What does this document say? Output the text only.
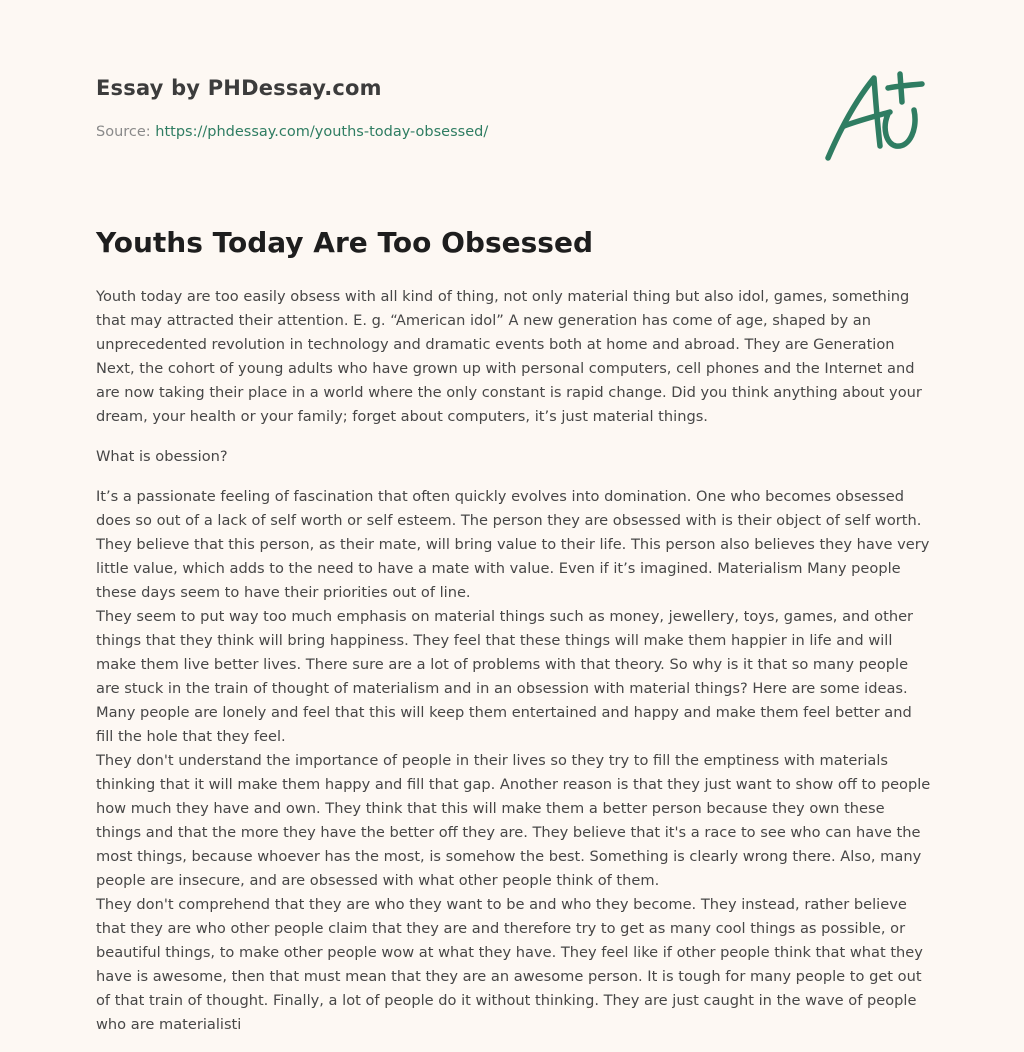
Essay by PHDessay.com
Source: https://phdessay.com/youths-today-obsessed/
Youths Today Are Too Obsessed

Youth today are too easily obsess with all kind of thing, not only material thing but also idol, games, something that may attracted their attention. E. g. “American idol” A new generation has come of age, shaped by an unprecedented revolution in technology and dramatic events both at home and abroad. They are Generation Next, the cohort of young adults who have grown up with personal computers, cell phones and the Internet and are now taking their place in a world where the only constant is rapid change. Did you think anything about your dream, your health or your family; forget about computers, it’s just material things.

What is obession?

It’s a passionate feeling of fascination that often quickly evolves into domination. One who becomes obsessed does so out of a lack of self worth or self esteem. The person they are obsessed with is their object of self worth. They believe that this person, as their mate, will bring value to their life. This person also believes they have very little value, which adds to the need to have a mate with value. Even if it’s imagined. Materialism Many people these days seem to have their priorities out of line.

They seem to put way too much emphasis on material things such as money, jewellery, toys, games, and other things that they think will bring happiness. They feel that these things will make them happier in life and will make them live better lives. There sure are a lot of problems with that theory. So why is it that so many people are stuck in the train of thought of materialism and in an obsession with material things? Here are some ideas. Many people are lonely and feel that this will keep them entertained and happy and make them feel better and fill the hole that they feel.

They don't understand the importance of people in their lives so they try to fill the emptiness with materials thinking that it will make them happy and fill that gap. Another reason is that they just want to show off to people how much they have and own. They think that this will make them a better person because they own these things and that the more they have the better off they are. They believe that it's a race to see who can have the most things, because whoever has the most, is somehow the best. Something is clearly wrong there. Also, many people are insecure, and are obsessed with what other people think of them.

They don't comprehend that they are who they want to be and who they become. They instead, rather believe that they are who other people claim that they are and therefore try to get as many cool things as possible, or beautiful things, to make other people wow at what they have. They feel like if other people think that what they have is awesome, then that must mean that they are an awesome person. It is tough for many people to get out of that train of thought. Finally, a lot of people do it without thinking. They are just caught in the wave of people who are materialisti
